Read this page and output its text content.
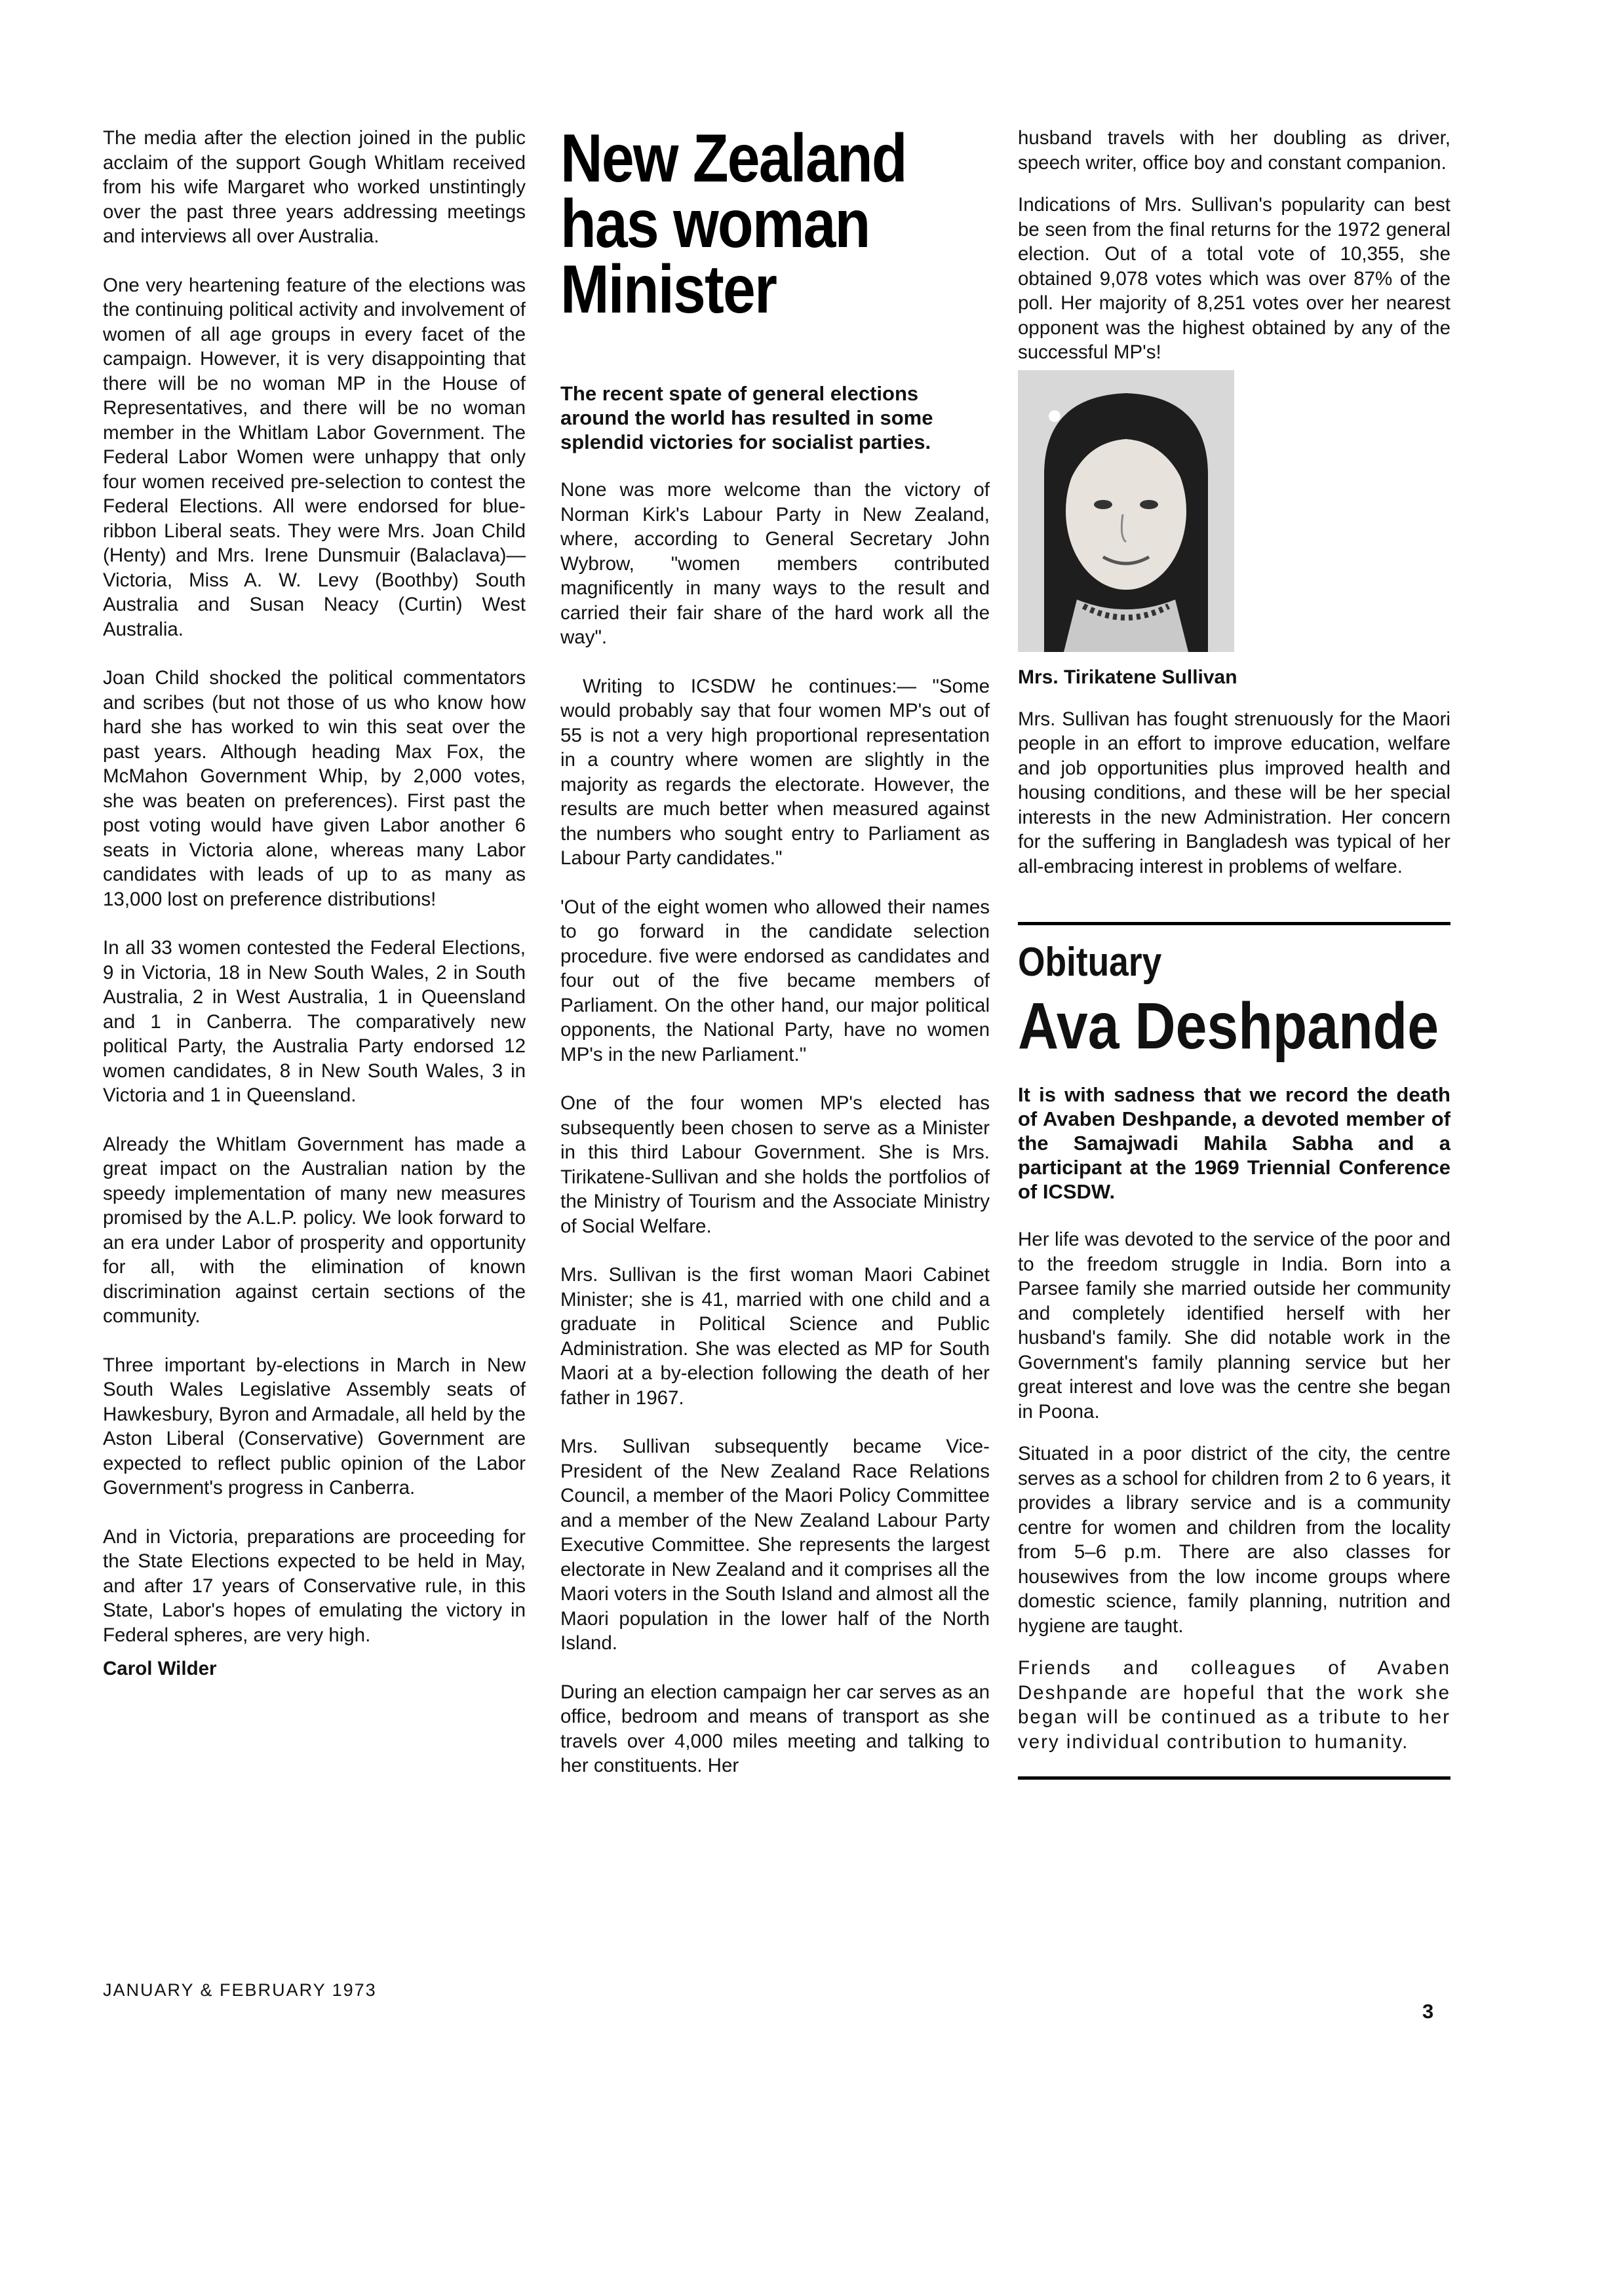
The media after the election joined in the public acclaim of the support Gough Whitlam received from his wife Margaret who worked unstintingly over the past three years addressing meetings and interviews all over Australia.

One very heartening feature of the elections was the continuing political activity and involvement of women of all age groups in every facet of the campaign. However, it is very disappointing that there will be no woman MP in the House of Representatives, and there will be no woman member in the Whitlam Labor Government. The Federal Labor Women were unhappy that only four women received pre-selection to contest the Federal Elections. All were endorsed for blue-ribbon Liberal seats. They were Mrs. Joan Child (Henty) and Mrs. Irene Dunsmuir (Balaclava)—Victoria, Miss A. W. Levy (Boothby) South Australia and Susan Neacy (Curtin) West Australia.

Joan Child shocked the political commentators and scribes (but not those of us who know how hard she has worked to win this seat over the past years. Although heading Max Fox, the McMahon Government Whip, by 2,000 votes, she was beaten on preferences). First past the post voting would have given Labor another 6 seats in Victoria alone, whereas many Labor candidates with leads of up to as many as 13,000 lost on preference distributions!

In all 33 women contested the Federal Elections, 9 in Victoria, 18 in New South Wales, 2 in South Australia, 2 in West Australia, 1 in Queensland and 1 in Canberra. The comparatively new political Party, the Australia Party endorsed 12 women candidates, 8 in New South Wales, 3 in Victoria and 1 in Queensland.

Already the Whitlam Government has made a great impact on the Australian nation by the speedy implementation of many new measures promised by the A.L.P. policy. We look forward to an era under Labor of prosperity and opportunity for all, with the elimination of known discrimination against certain sections of the community.

Three important by-elections in March in New South Wales Legislative Assembly seats of Hawkesbury, Byron and Armadale, all held by the Aston Liberal (Conservative) Government are expected to reflect public opinion of the Labor Government's progress in Canberra.

And in Victoria, preparations are proceeding for the State Elections expected to be held in May, and after 17 years of Conservative rule, in this State, Labor's hopes of emulating the victory in Federal spheres, are very high.

Carol Wilder
New Zealand
has woman
Minister

The recent spate of general elections around the world has resulted in some splendid victories for socialist parties.

None was more welcome than the victory of Norman Kirk's Labour Party in New Zealand, where, according to General Secretary John Wybrow, "women members contributed magnificently in many ways to the result and carried their fair share of the hard work all the way".

Writing to ICSDW he continues:— "Some would probably say that four women MP's out of 55 is not a very high proportional representation in a country where women are slightly in the majority as regards the electorate. However, the results are much better when measured against the numbers who sought entry to Parliament as Labour Party candidates."

'Out of the eight women who allowed their names to go forward in the candidate selection procedure. five were endorsed as candidates and four out of the five became members of Parliament. On the other hand, our major political opponents, the National Party, have no women MP's in the new Parliament."

One of the four women MP's elected has subsequently been chosen to serve as a Minister in this third Labour Government. She is Mrs. Tirikatene-Sullivan and she holds the portfolios of the Ministry of Tourism and the Associate Ministry of Social Welfare.

Mrs. Sullivan is the first woman Maori Cabinet Minister; she is 41, married with one child and a graduate in Political Science and Public Administration. She was elected as MP for South Maori at a by-election following the death of her father in 1967.

Mrs. Sullivan subsequently became Vice-President of the New Zealand Race Relations Council, a member of the Maori Policy Committee and a member of the New Zealand Labour Party Executive Committee. She represents the largest electorate in New Zealand and it comprises all the Maori voters in the South Island and almost all the Maori population in the lower half of the North Island.

During an election campaign her car serves as an office, bedroom and means of transport as she travels over 4,000 miles meeting and talking to her constituents. Her

husband travels with her doubling as driver, speech writer, office boy and constant companion.

Indications of Mrs. Sullivan's popularity can best be seen from the final returns for the 1972 general election. Out of a total vote of 10,355, she obtained 9,078 votes which was over 87% of the poll. Her majority of 8,251 votes over her nearest opponent was the highest obtained by any of the successful MP's!

Mrs. Tirikatene Sullivan

Mrs. Sullivan has fought strenuously for the Maori people in an effort to improve education, welfare and job opportunities plus improved health and housing conditions, and these will be her special interests in the new Administration. Her concern for the suffering in Bangladesh was typical of her all-embracing interest in problems of welfare.

Obituary
Ava Deshpande

It is with sadness that we record the death of Avaben Deshpande, a devoted member of the Samajwadi Mahila Sabha and a participant at the 1969 Triennial Conference of ICSDW.

Her life was devoted to the service of the poor and to the freedom struggle in India. Born into a Parsee family she married outside her community and completely identified herself with her husband's family. She did notable work in the Government's family planning service but her great interest and love was the centre she began in Poona.

Situated in a poor district of the city, the centre serves as a school for children from 2 to 6 years, it provides a library service and is a community centre for women and children from the locality from 5–6 p.m. There are also classes for housewives from the low income groups where domestic science, family planning, nutrition and hygiene are taught.

Friends and colleagues of Avaben Deshpande are hopeful that the work she began will be continued as a tribute to her very individual contribution to humanity.

JANUARY & FEBRUARY 1973
3
